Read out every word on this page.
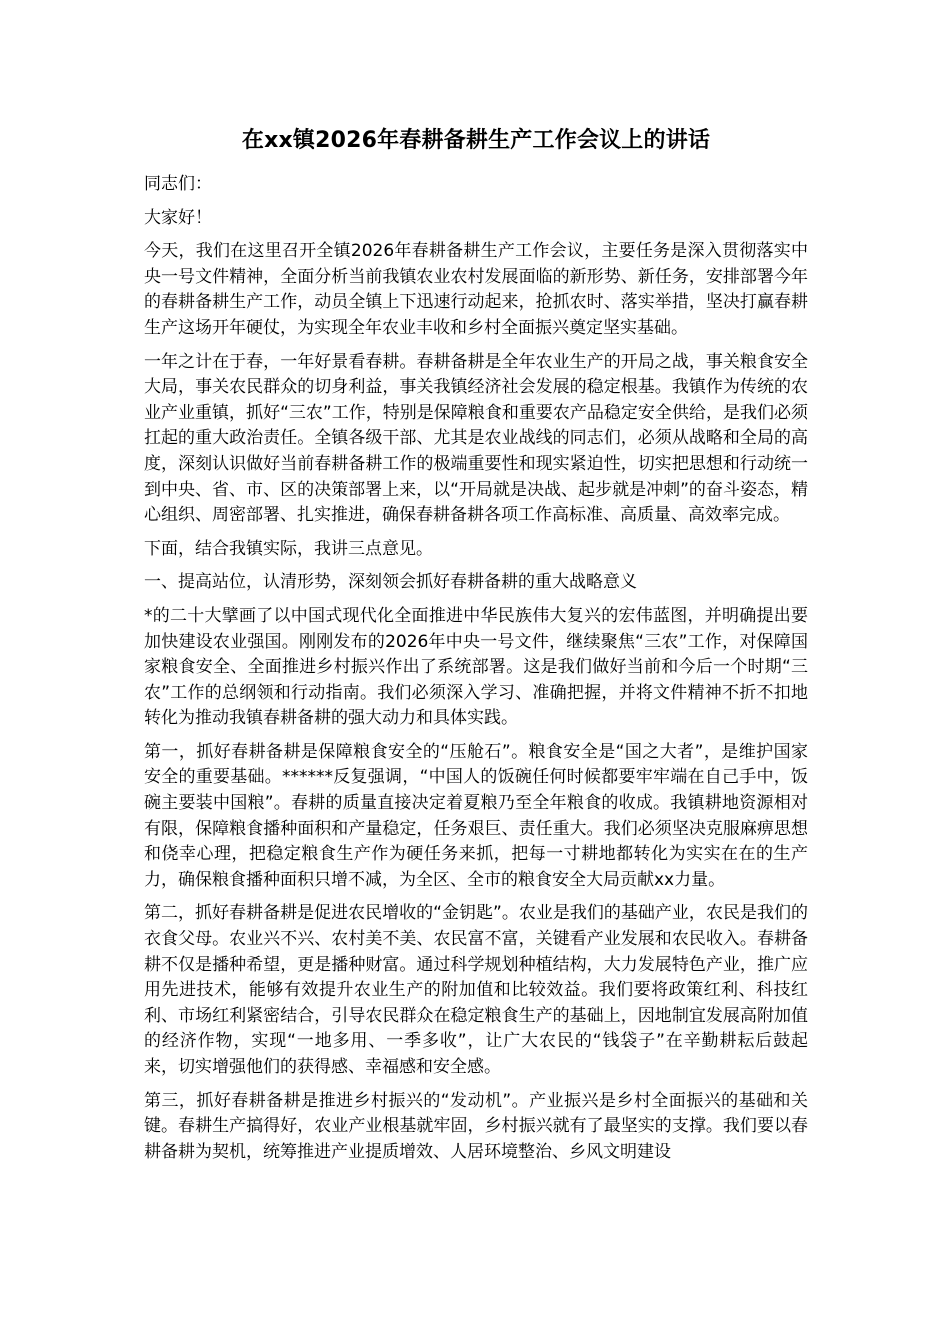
在xx镇2026年春耕备耕生产工作会议上的讲话

同志们：

大家好！

今天，我们在这里召开全镇2026年春耕备耕生产工作会议，主要任务是深入贯彻落实中央一号文件精神，全面分析当前我镇农业农村发展面临的新形势、新任务，安排部署今年的春耕备耕生产工作，动员全镇上下迅速行动起来，抢抓农时、落实举措，坚决打赢春耕生产这场开年硬仗，为实现全年农业丰收和乡村全面振兴奠定坚实基础。

一年之计在于春，一年好景看春耕。春耕备耕是全年农业生产的开局之战，事关粮食安全大局，事关农民群众的切身利益，事关我镇经济社会发展的稳定根基。我镇作为传统的农业产业重镇，抓好“三农”工作，特别是保障粮食和重要农产品稳定安全供给，是我们必须扛起的重大政治责任。全镇各级干部、尤其是农业战线的同志们，必须从战略和全局的高度，深刻认识做好当前春耕备耕工作的极端重要性和现实紧迫性，切实把思想和行动统一到中央、省、市、区的决策部署上来，以“开局就是决战、起步就是冲刺”的奋斗姿态，精心组织、周密部署、扎实推进，确保春耕备耕各项工作高标准、高质量、高效率完成。

下面，结合我镇实际，我讲三点意见。

一、提高站位，认清形势，深刻领会抓好春耕备耕的重大战略意义

*的二十大擘画了以中国式现代化全面推进中华民族伟大复兴的宏伟蓝图，并明确提出要加快建设农业强国。刚刚发布的2026年中央一号文件，继续聚焦“三农”工作，对保障国家粮食安全、全面推进乡村振兴作出了系统部署。这是我们做好当前和今后一个时期“三农”工作的总纲领和行动指南。我们必须深入学习、准确把握，并将文件精神不折不扣地转化为推动我镇春耕备耕的强大动力和具体实践。

第一，抓好春耕备耕是保障粮食安全的“压舱石”。粮食安全是“国之大者”，是维护国家安全的重要基础。******反复强调，“中国人的饭碗任何时候都要牢牢端在自己手中，饭碗主要装中国粮”。春耕的质量直接决定着夏粮乃至全年粮食的收成。我镇耕地资源相对有限，保障粮食播种面积和产量稳定，任务艰巨、责任重大。我们必须坚决克服麻痹思想和侥幸心理，把稳定粮食生产作为硬任务来抓，把每一寸耕地都转化为实实在在的生产力，确保粮食播种面积只增不减，为全区、全市的粮食安全大局贡献xx力量。

第二，抓好春耕备耕是促进农民增收的“金钥匙”。农业是我们的基础产业，农民是我们的衣食父母。农业兴不兴、农村美不美、农民富不富，关键看产业发展和农民收入。春耕备耕不仅是播种希望，更是播种财富。通过科学规划种植结构，大力发展特色产业，推广应用先进技术，能够有效提升农业生产的附加值和比较效益。我们要将政策红利、科技红利、市场红利紧密结合，引导农民群众在稳定粮食生产的基础上，因地制宜发展高附加值的经济作物，实现“一地多用、一季多收”，让广大农民的“钱袋子”在辛勤耕耘后鼓起来，切实增强他们的获得感、幸福感和安全感。

第三，抓好春耕备耕是推进乡村振兴的“发动机”。产业振兴是乡村全面振兴的基础和关键。春耕生产搞得好，农业产业根基就牢固，乡村振兴就有了最坚实的支撑。我们要以春耕备耕为契机，统筹推进产业提质增效、人居环境整治、乡风文明建设
